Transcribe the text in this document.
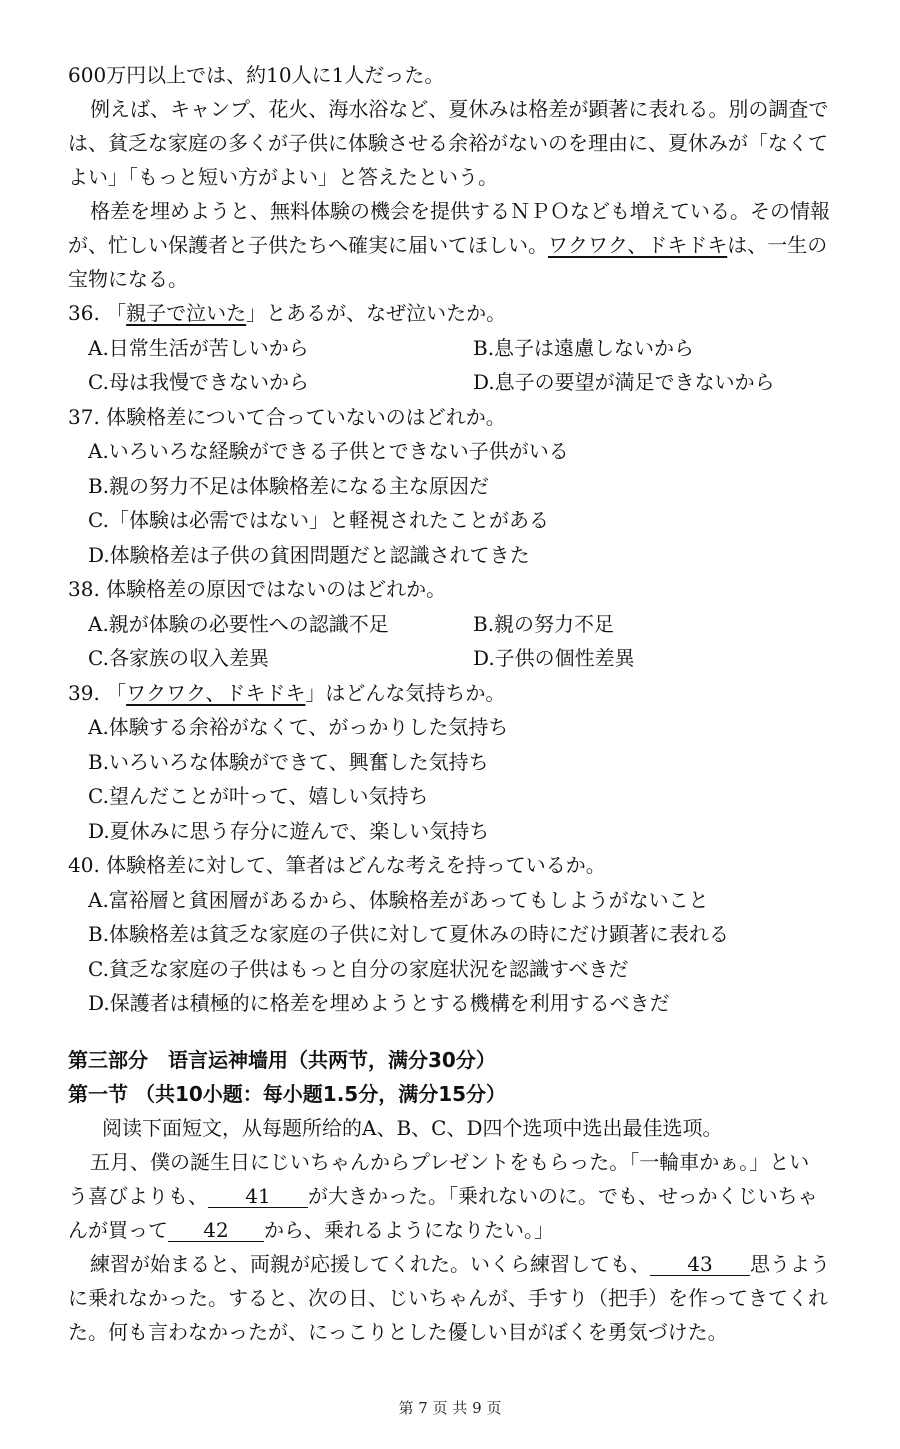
600万円以上では、約10人に1人だった。

例えば、キャンプ、花火、海水浴など、夏休みは格差が顕著に表れる。別の調査で

は、貧乏な家庭の多くが子供に体験させる余裕がないのを理由に、夏休みが「なくて

よい」「もっと短い方がよい」と答えたという。

格差を埋めようと、無料体験の機会を提供するＮＰＯなども増えている。その情報

が、忙しい保護者と子供たちへ確実に届いてほしい。ワクワク、ドキドキは、一生の

宝物になる。

36. 「親子で泣いた」とあるが、なぜ泣いたか。
A.日常生活が苦しいから	B.息子は遠慮しないから
C.母は我慢できないから	D.息子の要望が満足できないから
37. 体験格差について合っていないのはどれか。
A.いろいろな経験ができる子供とできない子供がいる
B.親の努力不足は体験格差になる主な原因だ
C.「体験は必需ではない」と軽視されたことがある
D.体験格差は子供の貧困問題だと認識されてきた
38. 体験格差の原因ではないのはどれか。
A.親が体験の必要性への認識不足	B.親の努力不足
C.各家族の収入差異	D.子供の個性差異
39. 「ワクワク、ドキドキ」はどんな気持ちか。
A.体験する余裕がなくて、がっかりした気持ち
B.いろいろな体験ができて、興奮した気持ち
C.望んだことが叶って、嬉しい気持ち
D.夏休みに思う存分に遊んで、楽しい気持ち
40. 体験格差に対して、筆者はどんな考えを持っているか。
A.富裕層と貧困層があるから、体験格差があってもしようがないこと
B.体験格差は貧乏な家庭の子供に対して夏休みの時にだけ顕著に表れる
C.貧乏な家庭の子供はもっと自分の家庭状況を認識すべきだ
D.保護者は積極的に格差を埋めようとする機構を利用するべきだ
第三部分　语言运神墙用（共两节，满分30分）
第一节 （共10小题：每小题1.5分，满分15分）

阅读下面短文，从每题所给的A、B、C、D四个选项中选出最佳选项。

五月、僕の誕生日にじいちゃんからプレゼントをもらった。「一輪車かぁ。」とい

う喜びよりも、 41 が大きかった。「乗れないのに。でも、せっかくじいちゃ

んが買って 42 から、乗れるようになりたい。」

練習が始まると、両親が応援してくれた。いくら練習しても、 43 思うよう

に乗れなかった。すると、次の日、じいちゃんが、手すり（把手）を作ってきてくれ

た。何も言わなかったが、にっこりとした優しい目がぼくを勇気づけた。

第 7 页 共 9 页
